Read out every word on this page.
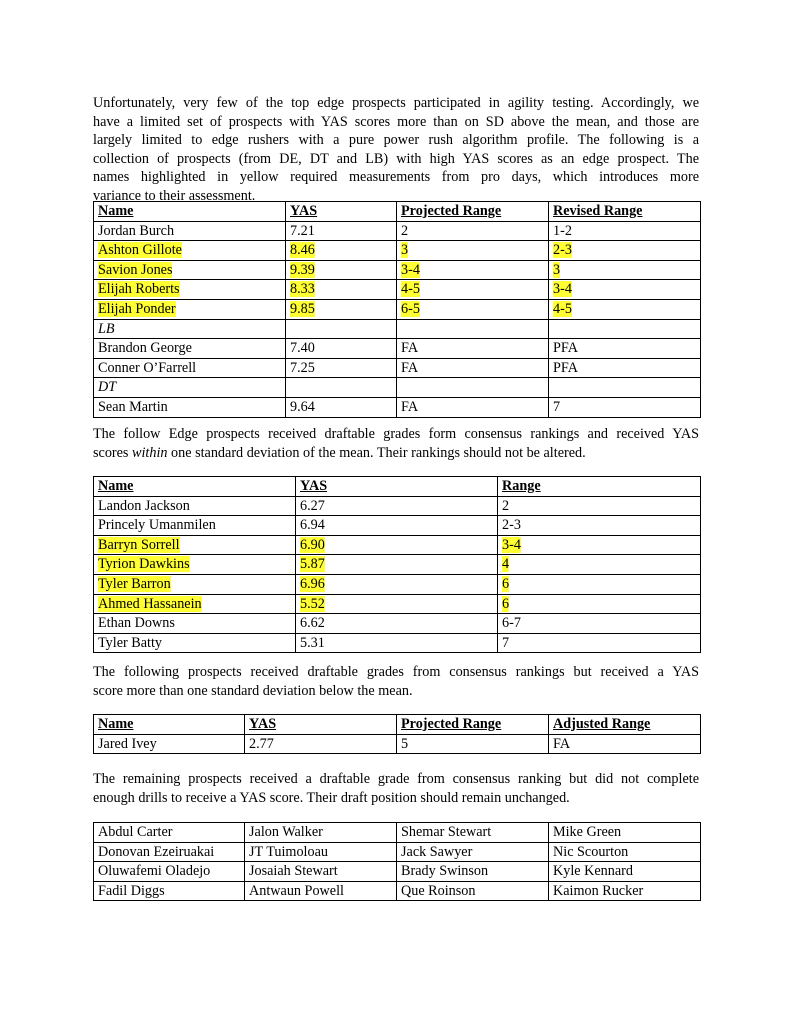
Unfortunately, very few of the top edge prospects participated in agility testing. Accordingly, we
have a limited set of prospects with YAS scores more than on SD above the mean, and those are
largely limited to edge rushers with a pure power rush algorithm profile. The following is a
collection of prospects (from DE, DT and LB) with high YAS scores as an edge prospect. The
names highlighted in yellow required measurements from pro days, which introduces more
variance to their assessment.

Name	YAS	Projected Range	Revised Range
Jordan Burch	7.21	2	1-2
Ashton Gillote	8.46	3	2-3
Savion Jones	9.39	3-4	3
Elijah Roberts	8.33	4-5	3-4
Elijah Ponder	9.85	6-5	4-5
LB			
Brandon George	7.40	FA	PFA
Conner O’Farrell	7.25	FA	PFA
DT			
Sean Martin	9.64	FA	7

The follow Edge prospects received draftable grades form consensus rankings and received YAS
scores within one standard deviation of the mean. Their rankings should not be altered.

Name	YAS	Range
Landon Jackson	6.27	2
Princely Umanmilen	6.94	2-3
Barryn Sorrell	6.90	3-4
Tyrion Dawkins	5.87	4
Tyler Barron	6.96	6
Ahmed Hassanein	5.52	6
Ethan Downs	6.62	6-7
Tyler Batty	5.31	7

The following prospects received draftable grades from consensus rankings but received a YAS
score more than one standard deviation below the mean.

Name	YAS	Projected Range	Adjusted Range
Jared Ivey	2.77	5	FA

The remaining prospects received a draftable grade from consensus ranking but did not complete
enough drills to receive a YAS score. Their draft position should remain unchanged.

Abdul Carter	Jalon Walker	Shemar Stewart	Mike Green
Donovan Ezeiruakai	JT Tuimoloau	Jack Sawyer	Nic Scourton
Oluwafemi Oladejo	Josaiah Stewart	Brady Swinson	Kyle Kennard
Fadil Diggs	Antwaun Powell	Que Roinson	Kaimon Rucker
